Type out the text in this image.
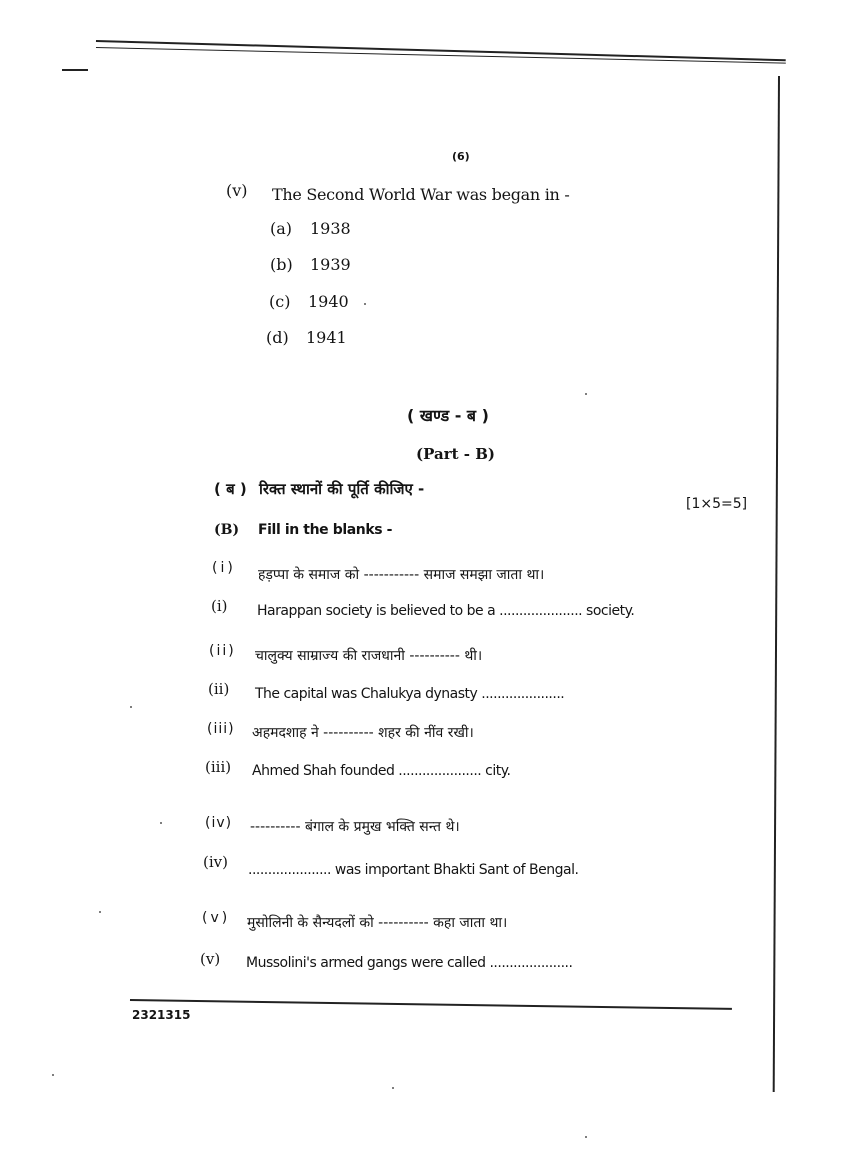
(6)
(v) The Second World War was began in -
(a) 1938
(b) 1939
(c) 1940
(d) 1941
( खण्ड - ब )
(Part - B)
( ब ) रिक्त स्थानों की पूर्ति कीजिए -
[1×5=5]
(B) Fill in the blanks -
(i) हड़प्पा के समाज को ----------- समाज समझा जाता था।
(i) Harappan society is believed to be a ..................... society.
(ii) चालुक्य साम्राज्य की राजधानी ---------- थी।
(ii) The capital was Chalukya dynasty .....................
(iii) अहमदशाह ने ---------- शहर की नींव रखी।
(iii) Ahmed Shah founded ..................... city.
(iv) ---------- बंगाल के प्रमुख भक्ति सन्त थे।
(iv) ..................... was important Bhakti Sant of Bengal.
(v) मुसोलिनी के सैन्यदलों को ---------- कहा जाता था।
(v) Mussolini's armed gangs were called .....................
2321315
